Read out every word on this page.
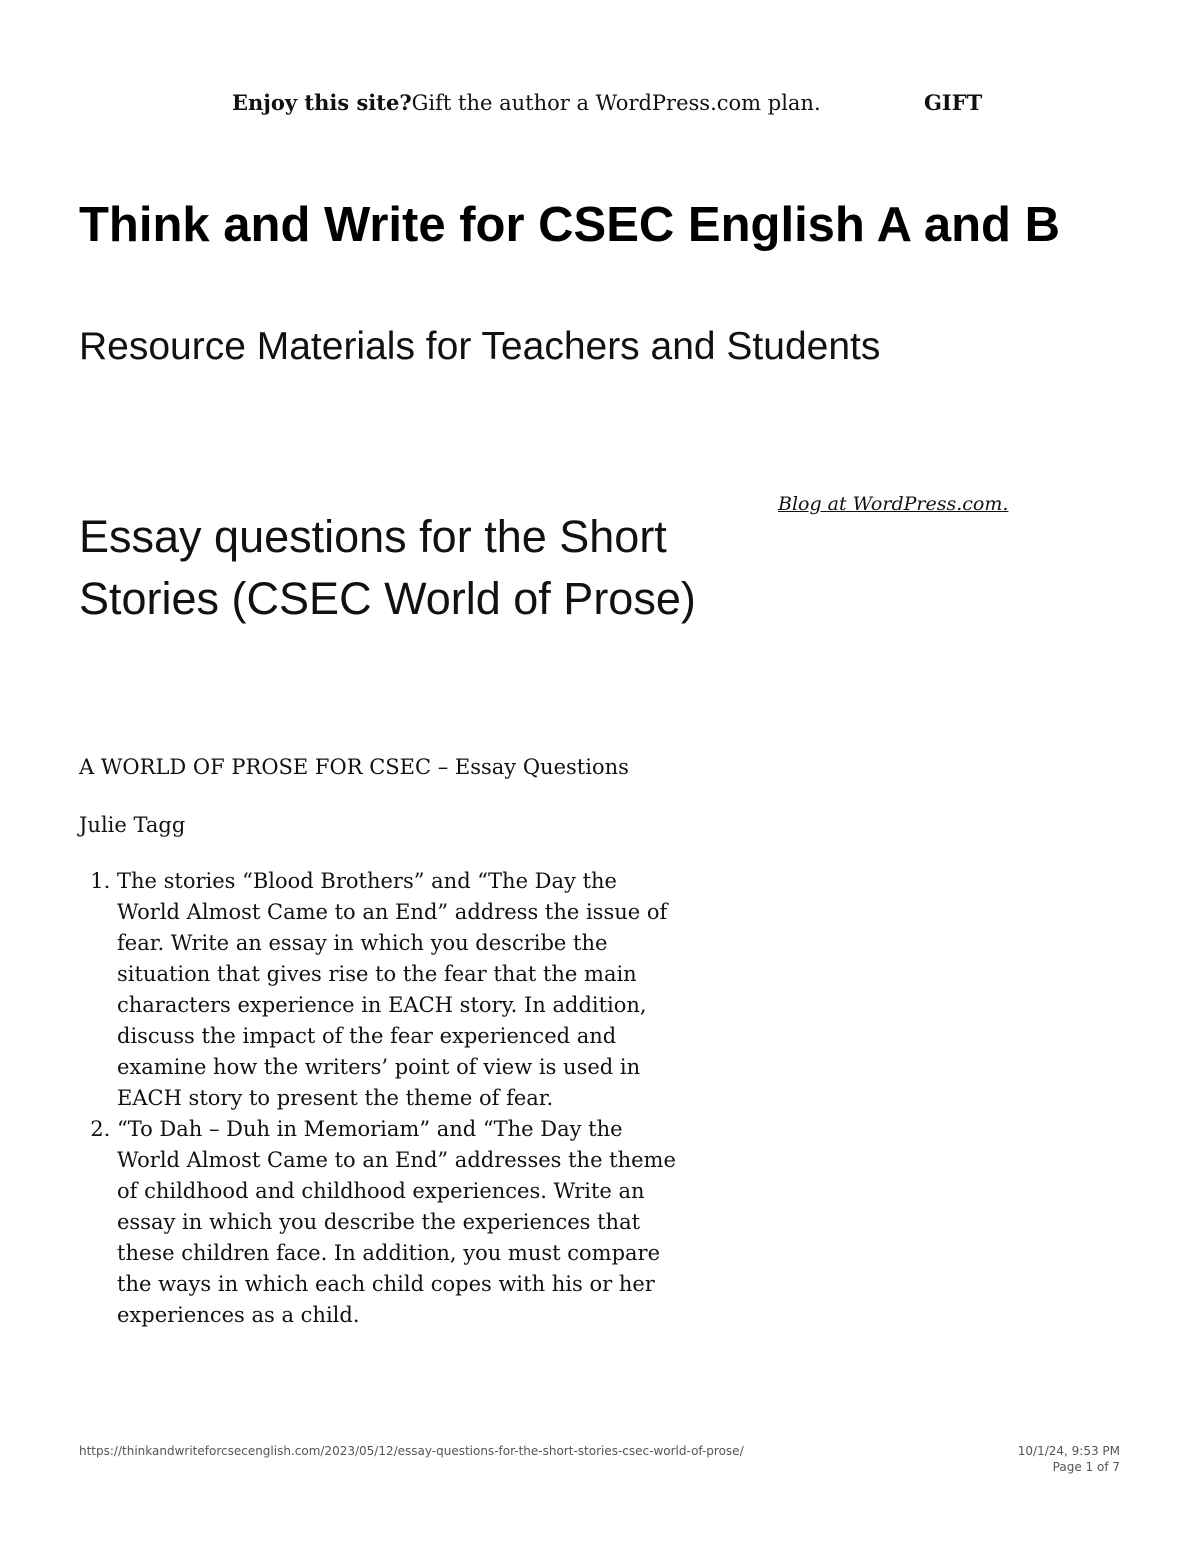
Enjoy this site?Gift the author a WordPress.com plan.	GIFT
Think and Write for CSEC English A and B

Resource Materials for Teachers and Students

Blog at WordPress.com.
Essay questions for the Short Stories (CSEC World of Prose)

A WORLD OF PROSE FOR CSEC – Essay Questions

Julie Tagg

1. The stories “Blood Brothers” and “The Day the World Almost Came to an End” address the issue of fear. Write an essay in which you describe the situation that gives rise to the fear that the main characters experience in EACH story. In addition, discuss the impact of the fear experienced and examine how the writers’ point of view is used in EACH story to present the theme of fear.
2. “To Dah – Duh in Memoriam” and “The Day the World Almost Came to an End” addresses the theme of childhood and childhood experiences. Write an essay in which you describe the experiences that these children face. In addition, you must compare the ways in which each child copes with his or her experiences as a child.
https://thinkandwriteforcsecenglish.com/2023/05/12/essay-questions-for-the-short-stories-csec-world-of-prose/	10/1/24, 9:53 PM
Page 1 of 7
